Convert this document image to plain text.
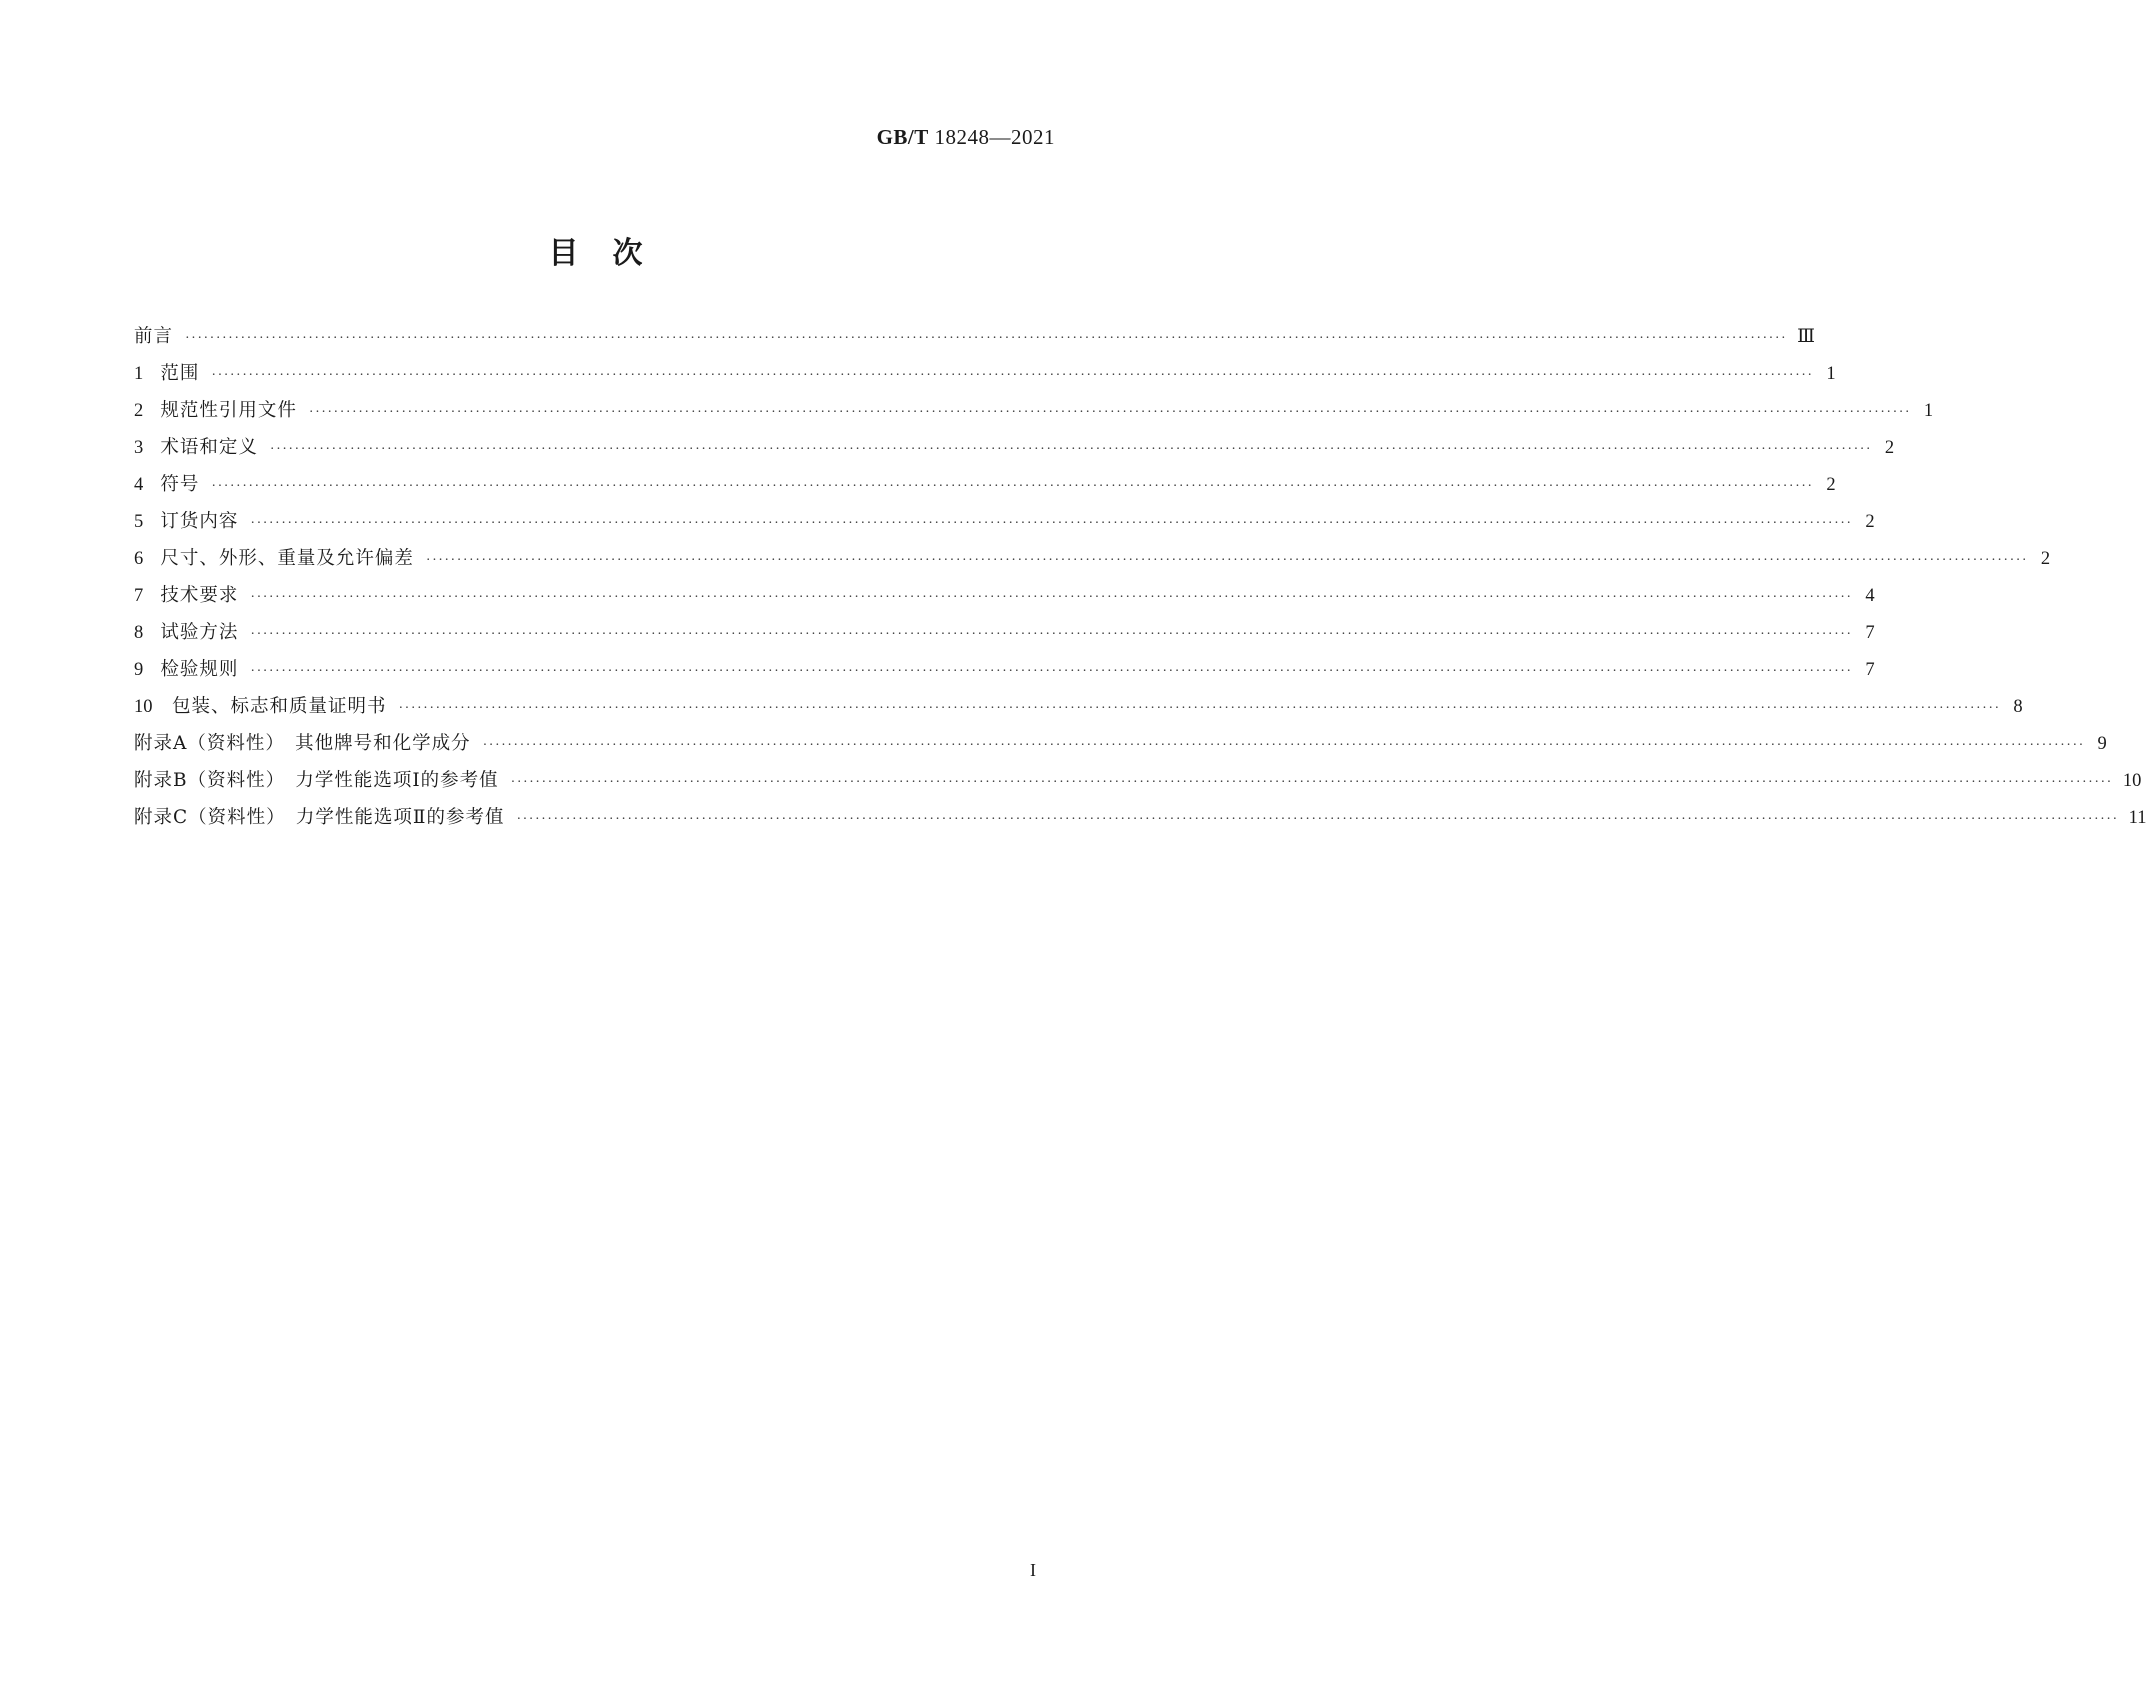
GB/T 18248—2021
目次
前言 ···································································································································································································································································· Ⅲ
1  范围 ···································································································································································································································································· 1
2  规范性引用文件 ···································································································································································································································································· 1
3  术语和定义 ···································································································································································································································································· 2
4  符号 ···································································································································································································································································· 2
5  订货内容 ···································································································································································································································································· 2
6  尺寸、外形、重量及允许偏差 ···································································································································································································································································· 2
7  技术要求 ···································································································································································································································································· 4
8  试验方法 ···································································································································································································································································· 7
9  检验规则 ···································································································································································································································································· 7
10  包装、标志和质量证明书 ···································································································································································································································································· 8
附录A（资料性）　其他牌号和化学成分 ···································································································································································································································································· 9
附录B（资料性）　力学性能选项Ⅰ的参考值 ···································································································································································································································································· 10
附录C（资料性）　力学性能选项Ⅱ的参考值 ···································································································································································································································································· 11
I
